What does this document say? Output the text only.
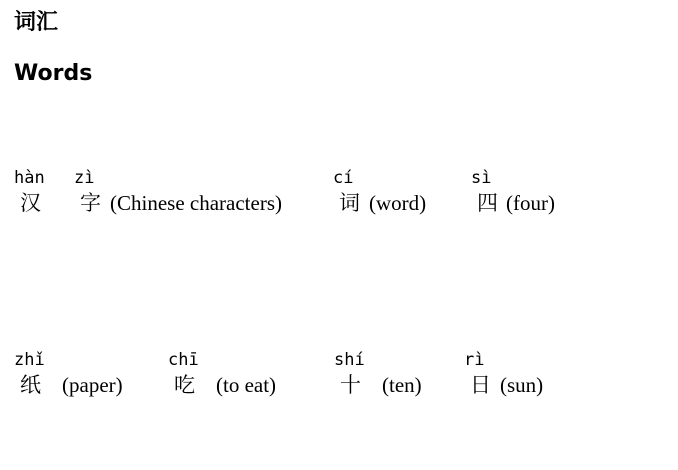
词汇
Words
hàn
汉
zì
字 (Chinese characters)
cí
词 (word)
sì
四 (four)
zhǐ
纸 (paper)
chī
吃 (to eat)
shí
十 (ten)
rì
日 (sun)
